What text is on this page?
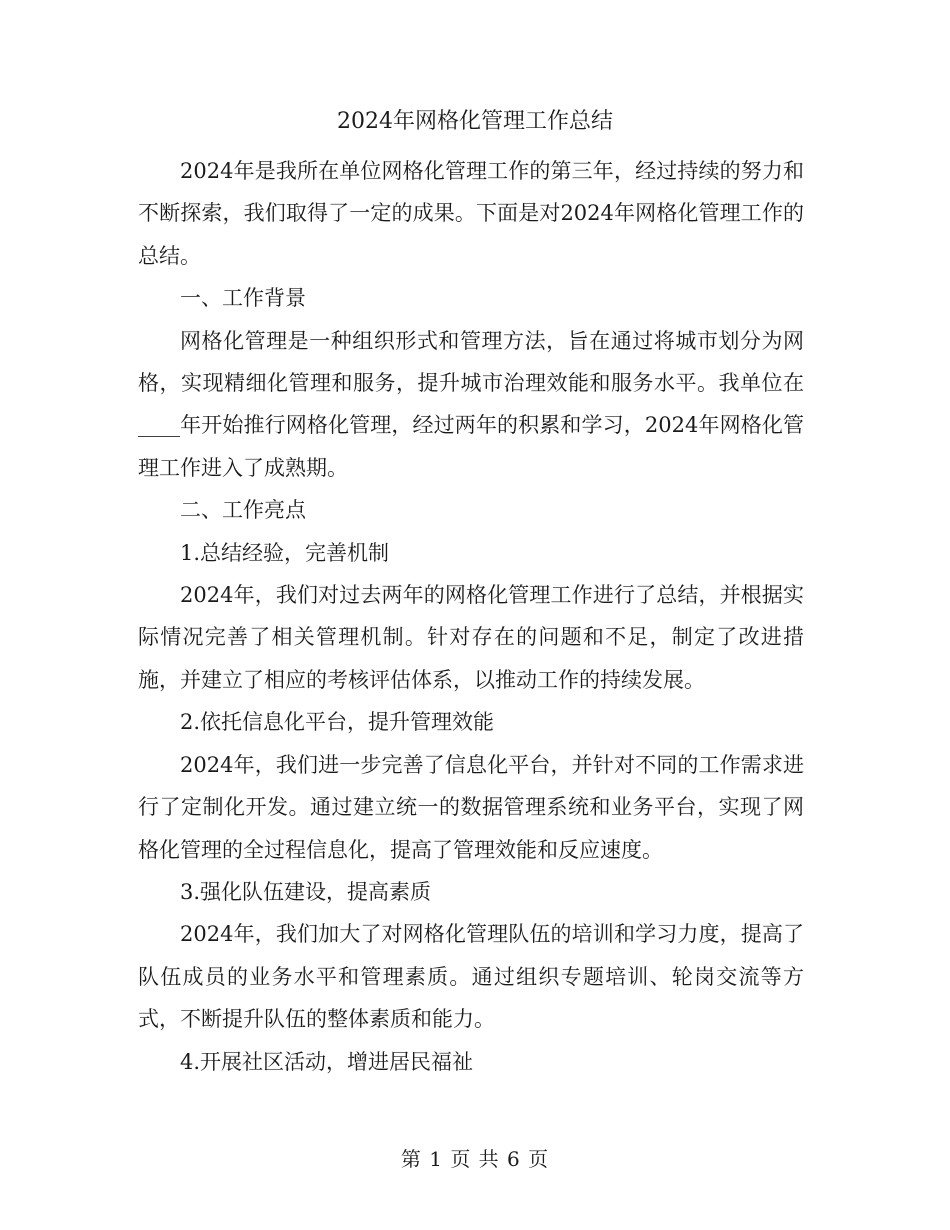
2024年网格化管理工作总结

2024年是我所在单位网格化管理工作的第三年，经过持续的努力和不断探索，我们取得了一定的成果。下面是对2024年网格化管理工作的总结。

一、工作背景

网格化管理是一种组织形式和管理方法，旨在通过将城市划分为网格，实现精细化管理和服务，提升城市治理效能和服务水平。我单位在____年开始推行网格化管理，经过两年的积累和学习，2024年网格化管理工作进入了成熟期。

二、工作亮点

1.总结经验，完善机制

2024年，我们对过去两年的网格化管理工作进行了总结，并根据实际情况完善了相关管理机制。针对存在的问题和不足，制定了改进措施，并建立了相应的考核评估体系，以推动工作的持续发展。

2.依托信息化平台，提升管理效能

2024年，我们进一步完善了信息化平台，并针对不同的工作需求进行了定制化开发。通过建立统一的数据管理系统和业务平台，实现了网格化管理的全过程信息化，提高了管理效能和反应速度。

3.强化队伍建设，提高素质

2024年，我们加大了对网格化管理队伍的培训和学习力度，提高了队伍成员的业务水平和管理素质。通过组织专题培训、轮岗交流等方式，不断提升队伍的整体素质和能力。

4.开展社区活动，增进居民福祉

第 1 页 共 6 页
